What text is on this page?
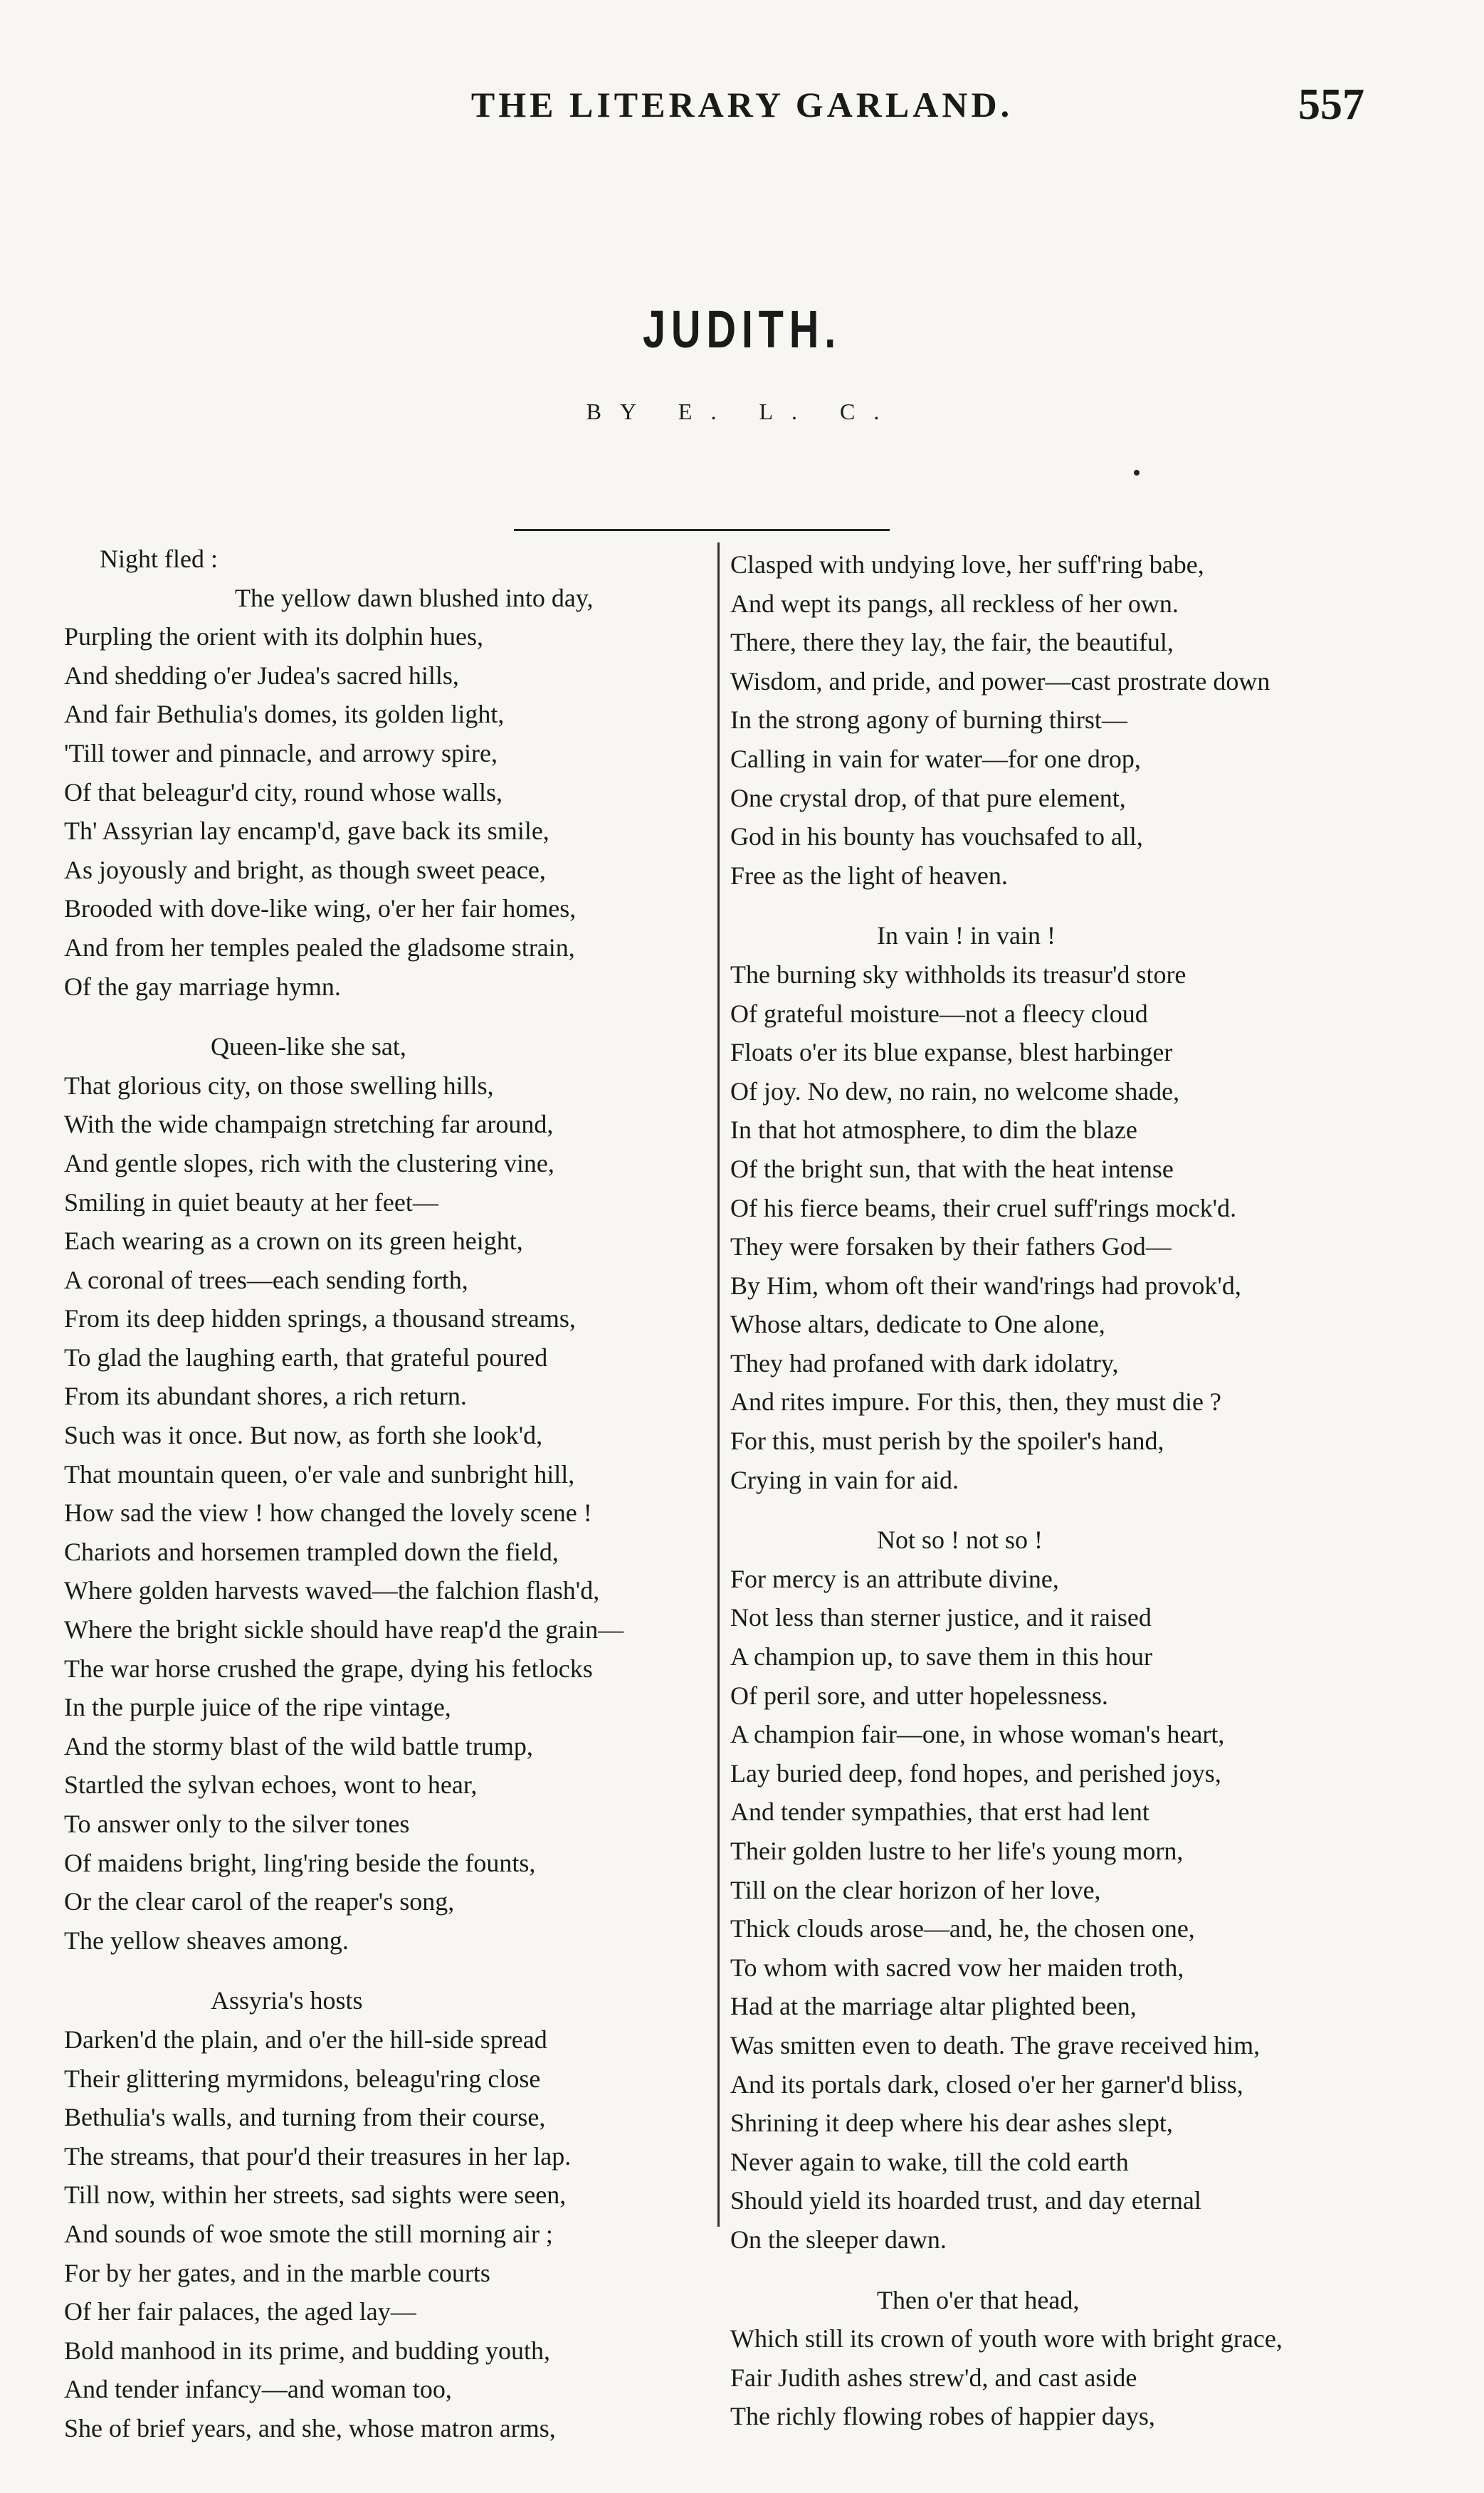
THE LITERARY GARLAND.	557
JUDITH.
BY E. L. C.
Night fled :
The yellow dawn blushed into day,
Purpling the orient with its dolphin hues,
And shedding o'er Judea's sacred hills,
And fair Bethulia's domes, its golden light,
'Till tower and pinnacle, and arrowy spire,
Of that beleagur'd city, round whose walls,
Th' Assyrian lay encamp'd, gave back its smile,
As joyously and bright, as though sweet peace,
Brooded with dove-like wing, o'er her fair homes,
And from her temples pealed the gladsome strain,
Of the gay marriage hymn.
Queen-like she sat,
That glorious city, on those swelling hills,
With the wide champaign stretching far around,
And gentle slopes, rich with the clustering vine,
Smiling in quiet beauty at her feet—
Each wearing as a crown on its green height,
A coronal of trees—each sending forth,
From its deep hidden springs, a thousand streams,
To glad the laughing earth, that grateful poured
From its abundant shores, a rich return.
Such was it once. But now, as forth she look'd,
That mountain queen, o'er vale and sunbright hill,
How sad the view ! how changed the lovely scene !
Chariots and horsemen trampled down the field,
Where golden harvests waved—the falchion flash'd,
Where the bright sickle should have reap'd the grain—
The war horse crushed the grape, dying his fetlocks
In the purple juice of the ripe vintage,
And the stormy blast of the wild battle trump,
Startled the sylvan echoes, wont to hear,
To answer only to the silver tones
Of maidens bright, ling'ring beside the founts,
Or the clear carol of the reaper's song,
The yellow sheaves among.
Assyria's hosts
Darken'd the plain, and o'er the hill-side spread
Their glittering myrmidons, beleagu'ring close
Bethulia's walls, and turning from their course,
The streams, that pour'd their treasures in her lap.
Till now, within her streets, sad sights were seen,
And sounds of woe smote the still morning air ;
For by her gates, and in the marble courts
Of her fair palaces, the aged lay—
Bold manhood in its prime, and budding youth,
And tender infancy—and woman too,
She of brief years, and she, whose matron arms,
Clasped with undying love, her suff'ring babe,
And wept its pangs, all reckless of her own.
There, there they lay, the fair, the beautiful,
Wisdom, and pride, and power—cast prostrate down
In the strong agony of burning thirst—
Calling in vain for water—for one drop,
One crystal drop, of that pure element,
God in his bounty has vouchsafed to all,
Free as the light of heaven.
In vain ! in vain !
The burning sky withholds its treasur'd store
Of grateful moisture—not a fleecy cloud
Floats o'er its blue expanse, blest harbinger
Of joy. No dew, no rain, no welcome shade,
In that hot atmosphere, to dim the blaze
Of the bright sun, that with the heat intense
Of his fierce beams, their cruel suff'rings mock'd.
They were forsaken by their fathers God—
By Him, whom oft their wand'rings had provok'd,
Whose altars, dedicate to One alone,
They had profaned with dark idolatry,
And rites impure. For this, then, they must die ?
For this, must perish by the spoiler's hand,
Crying in vain for aid.
Not so ! not so !
For mercy is an attribute divine,
Not less than sterner justice, and it raised
A champion up, to save them in this hour
Of peril sore, and utter hopelessness.
A champion fair—one, in whose woman's heart,
Lay buried deep, fond hopes, and perished joys,
And tender sympathies, that erst had lent
Their golden lustre to her life's young morn,
Till on the clear horizon of her love,
Thick clouds arose—and, he, the chosen one,
To whom with sacred vow her maiden troth,
Had at the marriage altar plighted been,
Was smitten even to death. The grave received him,
And its portals dark, closed o'er her garner'd bliss,
Shrining it deep where his dear ashes slept,
Never again to wake, till the cold earth
Should yield its hoarded trust, and day eternal
On the sleeper dawn.
Then o'er that head,
Which still its crown of youth wore with bright grace,
Fair Judith ashes strew'd, and cast aside
The richly flowing robes of happier days,
